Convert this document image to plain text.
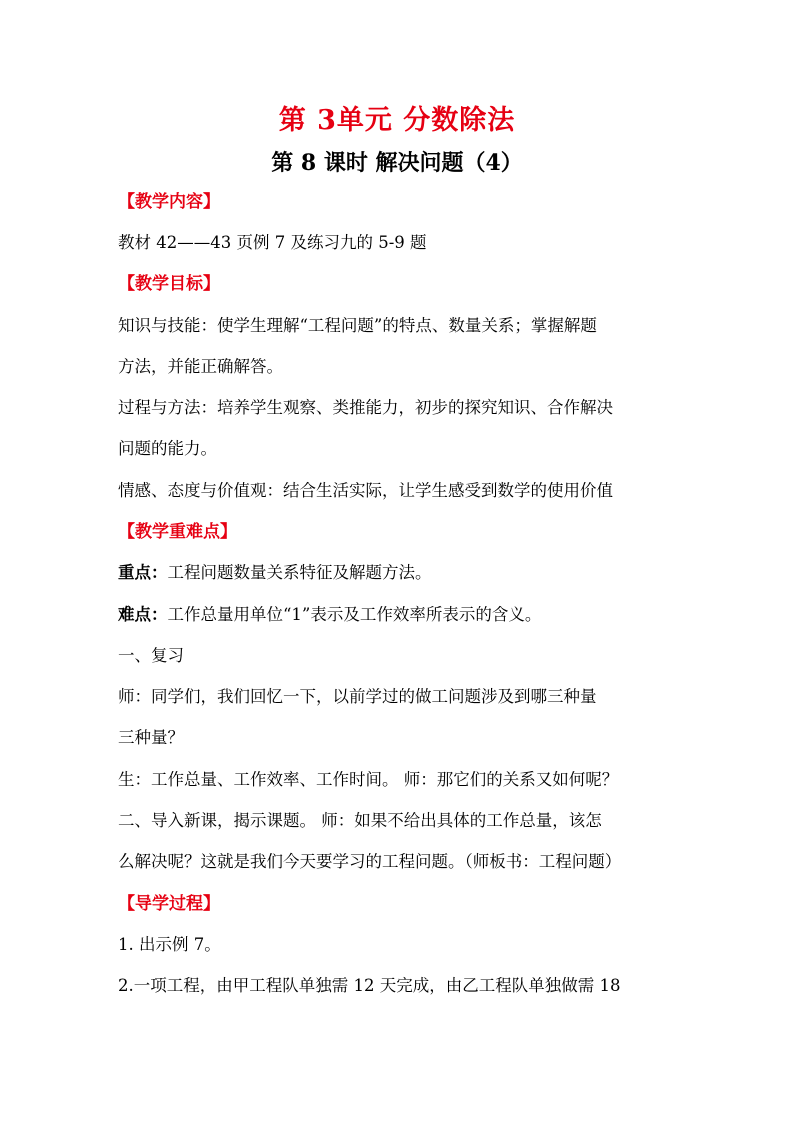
第 3单元 分数除法
第 8 课时 解决问题（4）
【教学内容】
教材 42——43 页例 7 及练习九的 5-9 题
【教学目标】
知识与技能：使学生理解“工程问题”的特点、数量关系；掌握解题
方法，并能正确解答。
过程与方法：培养学生观察、类推能力，初步的探究知识、合作解决
问题的能力。
情感、态度与价值观：结合生活实际，让学生感受到数学的使用价值
【教学重难点】
重点：工程问题数量关系特征及解题方法。
难点：工作总量用单位“1”表示及工作效率所表示的含义。
一、复习
师：同学们，我们回忆一下，以前学过的做工问题涉及到哪三种量
三种量？
生：工作总量、工作效率、工作时间。 师：那它们的关系又如何呢？
二、导入新课，揭示课题。 师：如果不给出具体的工作总量，该怎
么解决呢？这就是我们今天要学习的工程问题。（师板书：工程问题）
【导学过程】
1. 出示例 7。
2.一项工程，由甲工程队单独需 12 天完成，由乙工程队单独做需 18
